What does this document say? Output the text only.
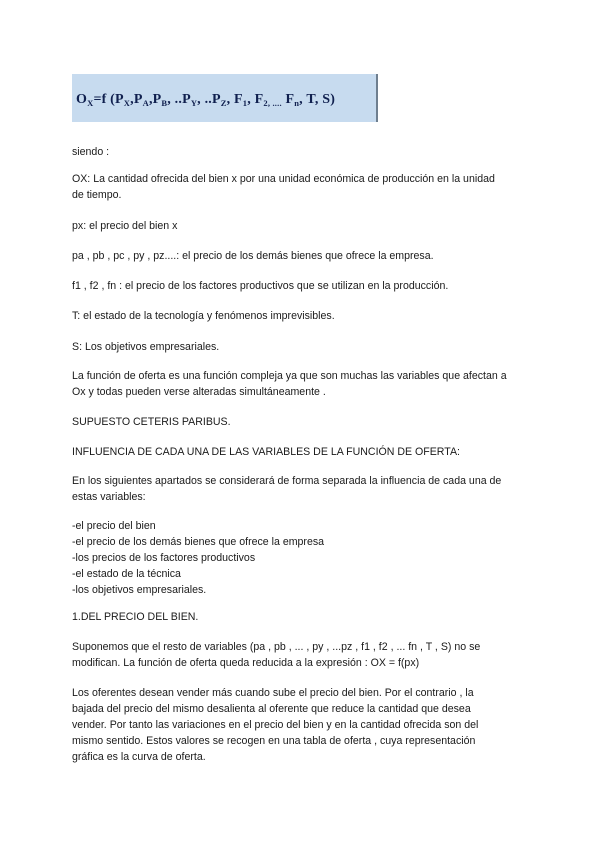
$O_X=f$ ($P_X,P_A,P_B$, $..P_Y$, $..P_Z$, $F_1$, $F_{2, ....}$ $F_n$, T, S)

siendo :

OX: La cantidad ofrecida del bien x por una unidad económica de producción en la unidad
de tiempo.

px: el precio del bien x

pa , pb , pc , py , pz....: el precio de los demás bienes que ofrece la empresa.

f1 , f2 , fn : el precio de los factores productivos que se utilizan en la producción.

T: el estado de la tecnología y fenómenos imprevisibles.

S: Los objetivos empresariales.

La función de oferta es una función compleja ya que son muchas las variables que afectan a
Ox y todas pueden verse alteradas simultáneamente .

SUPUESTO CETERIS PARIBUS.

INFLUENCIA DE CADA UNA DE LAS VARIABLES DE LA FUNCIÓN DE OFERTA:

En los siguientes apartados se considerará de forma separada la influencia de cada una de
estas variables:
-el precio del bien
-el precio de los demás bienes que ofrece la empresa
-los precios de los factores productivos
-el estado de la técnica
-los objetivos empresariales.

1.DEL PRECIO DEL BIEN.

Suponemos que el resto de variables (pa , pb , ... , py , ...pz , f1 , f2 , ... fn , T , S) no se
modifican. La función de oferta queda reducida a la expresión : OX = f(px)
Los oferentes desean vender más cuando sube el precio del bien. Por el contrario , la
bajada del precio del mismo desalienta al oferente que reduce la cantidad que desea
vender. Por tanto las variaciones en el precio del bien y en la cantidad ofrecida son del
mismo sentido. Estos valores se recogen en una tabla de oferta , cuya representación
gráfica es la curva de oferta.
